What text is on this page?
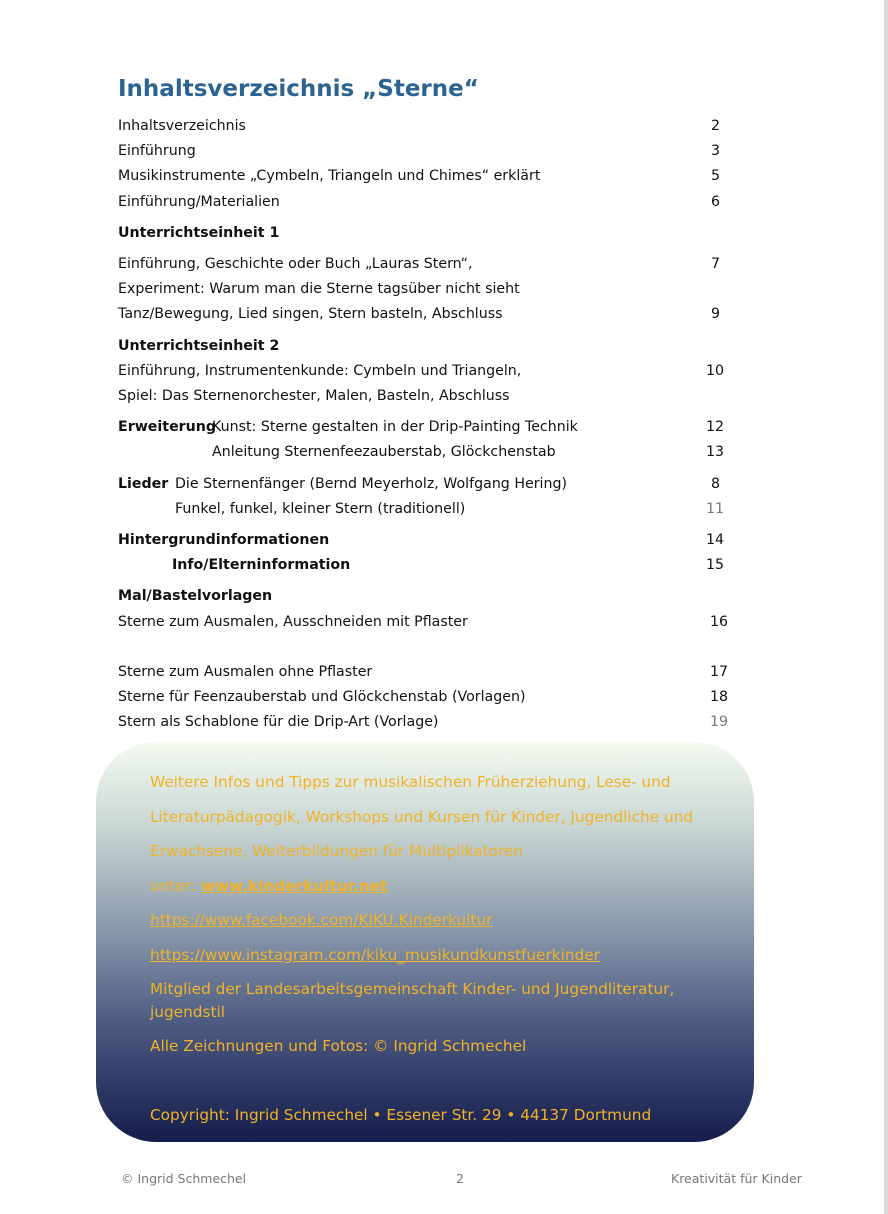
Inhaltsverzeichnis „Sterne“
Inhaltsverzeichnis	2
Einführung	3
Musikinstrumente „Cymbeln, Triangeln und Chimes“ erklärt	5
Einführung/Materialien	6
Unterrichtseinheit 1
Einführung, Geschichte oder Buch „Lauras Stern“,	7
Experiment: Warum man die Sterne tagsüber nicht sieht
Tanz/Bewegung, Lied singen, Stern basteln, Abschluss	9
Unterrichtseinheit 2
Einführung, Instrumentenkunde: Cymbeln und Triangeln,	10
Spiel: Das Sternenorchester, Malen, Basteln, Abschluss
Erweiterung
Kunst: Sterne gestalten in der Drip-Painting Technik	12
Anleitung Sternenfeezauberstab, Glöckchenstab	13
Lieder Die Sternenfänger (Bernd Meyerholz, Wolfgang Hering)	8
Funkel, funkel, kleiner Stern (traditionell)	11
Hintergrundinformationen	14
Info/Elterninformation	15
Mal/Bastelvorlagen
Sterne zum Ausmalen, Ausschneiden mit Pflaster	16
Sterne zum Ausmalen ohne Pflaster	17
Sterne für Feenzauberstab und Glöckchenstab (Vorlagen)	18
Stern als Schablone für die Drip-Art (Vorlage)	19
Weitere Infos und Tipps zur musikalischen Früherziehung, Lese- und
Literaturpädagogik, Workshops und Kursen für Kinder, Jugendliche und
Erwachsene, Weiterbildungen für Multiplikatoren
unter: www.kinderkultur.net
https://www.facebook.com/KIKU.Kinderkultur
https://www.instagram.com/kiku_musikundkunstfuerkinder
Mitglied der Landesarbeitsgemeinschaft Kinder- und Jugendliteratur,
jugendstil
Alle Zeichnungen und Fotos: © Ingrid Schmechel
Copyright: Ingrid Schmechel • Essener Str. 29 • 44137 Dortmund
© Ingrid Schmechel	2	Kreativität für Kinder
